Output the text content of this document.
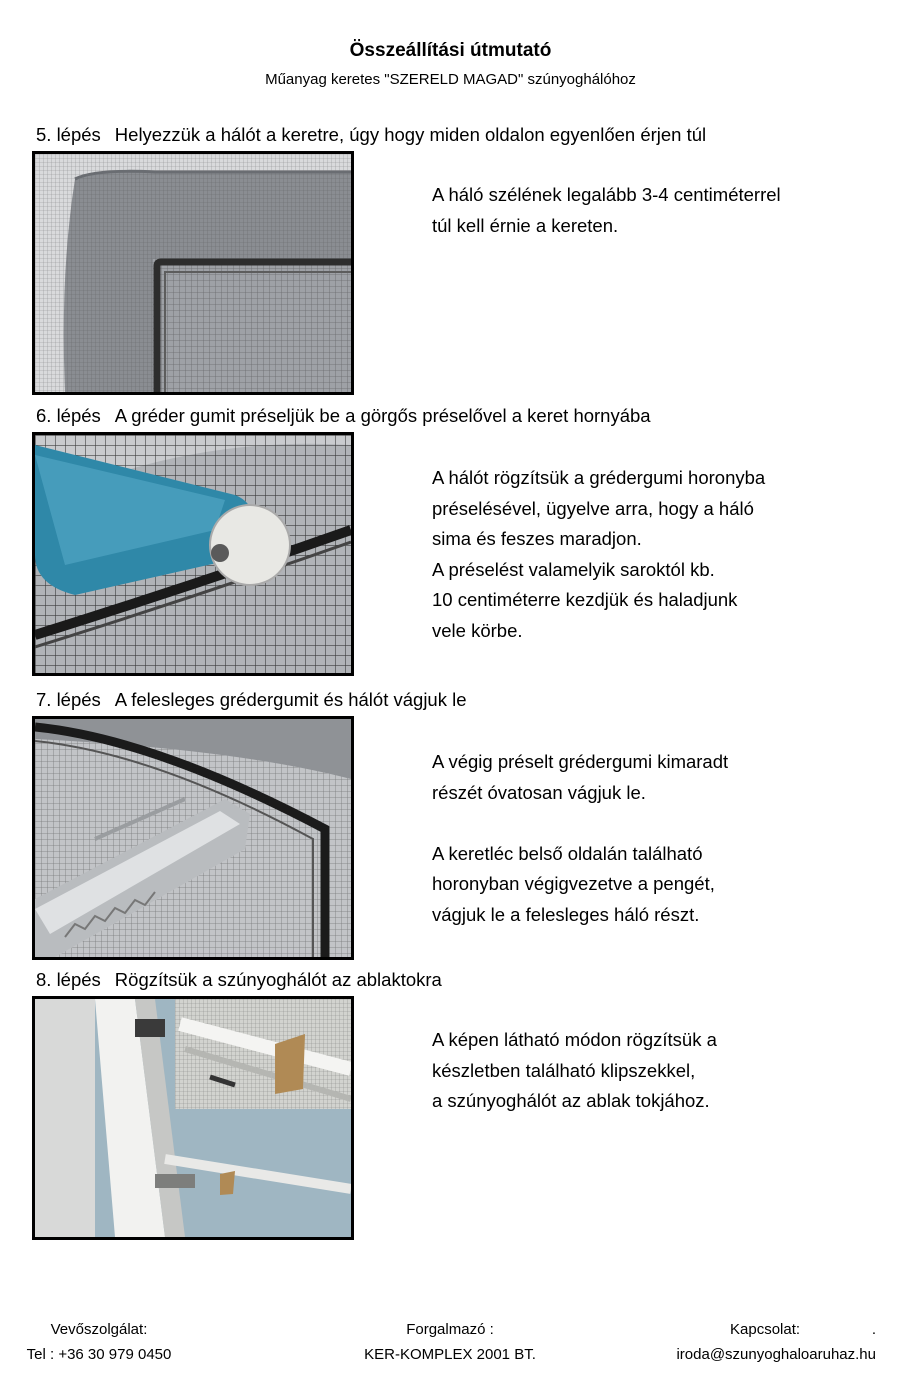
Összeállítási útmutató
Műanyag keretes "SZERELD MAGAD" szúnyoghálóhoz
5. lépés Helyezzük a hálót a keretre, úgy hogy miden oldalon egyenlően érjen túl

A háló szélének legalább 3-4 centiméterrel

túl kell érnie a kereten.

6. lépés A gréder gumit préseljük be a görgős préselővel a keret hornyába

A hálót rögzítsük a grédergumi horonyba

préselésével, ügyelve arra, hogy a háló

sima és feszes maradjon.

A préselést valamelyik saroktól kb.

10 centiméterre kezdjük és haladjunk

vele körbe.

7. lépés A felesleges grédergumit és hálót vágjuk le

A végig préselt grédergumi kimaradt

részét óvatosan vágjuk le.

A keretléc belső oldalán található

horonyban végigvezetve a pengét,

vágjuk le a felesleges háló részt.

8. lépés Rögzítsük a szúnyoghálót az ablaktokra

A képen látható módon rögzítsük a

készletben található klipszekkel,

a szúnyoghálót az ablak tokjához.

Vevőszolgálat:
Tel : +36 30 979 0450
Forgalmazó :
KER-KOMPLEX 2001 BT.
Kapcsolat:	.
iroda@szunyoghaloaruhaz.hu
